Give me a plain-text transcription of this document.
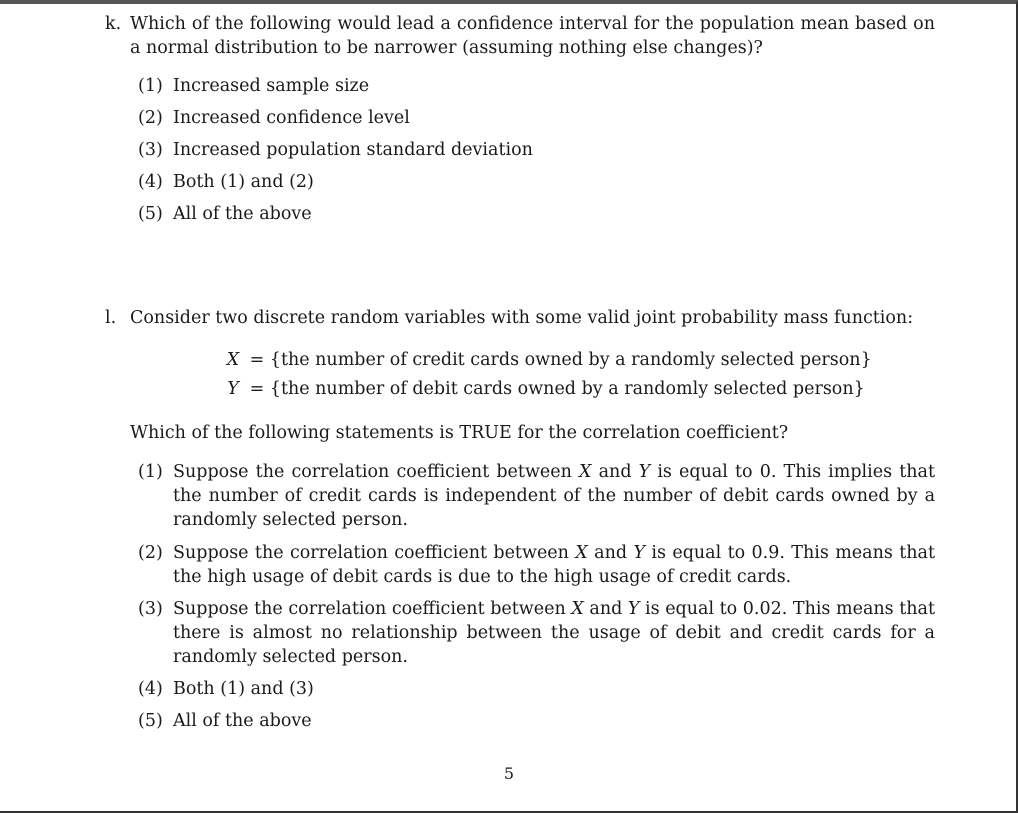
k. Which of the following would lead a confidence interval for the population mean based on a normal distribution to be narrower (assuming nothing else changes)?
(1) Increased sample size
(2) Increased confidence level
(3) Increased population standard deviation
(4) Both (1) and (2)
(5) All of the above
l. Consider two discrete random variables with some valid joint probability mass function:
X = {the number of credit cards owned by a randomly selected person}
Y = {the number of debit cards owned by a randomly selected person}
Which of the following statements is TRUE for the correlation coefficient?
(1) Suppose the correlation coefficient between X and Y is equal to 0. This implies that the number of credit cards is independent of the number of debit cards owned by a randomly selected person.
(2) Suppose the correlation coefficient between X and Y is equal to 0.9. This means that the high usage of debit cards is due to the high usage of credit cards.
(3) Suppose the correlation coefficient between X and Y is equal to 0.02. This means that there is almost no relationship between the usage of debit and credit cards for a randomly selected person.
(4) Both (1) and (3)
(5) All of the above
5
